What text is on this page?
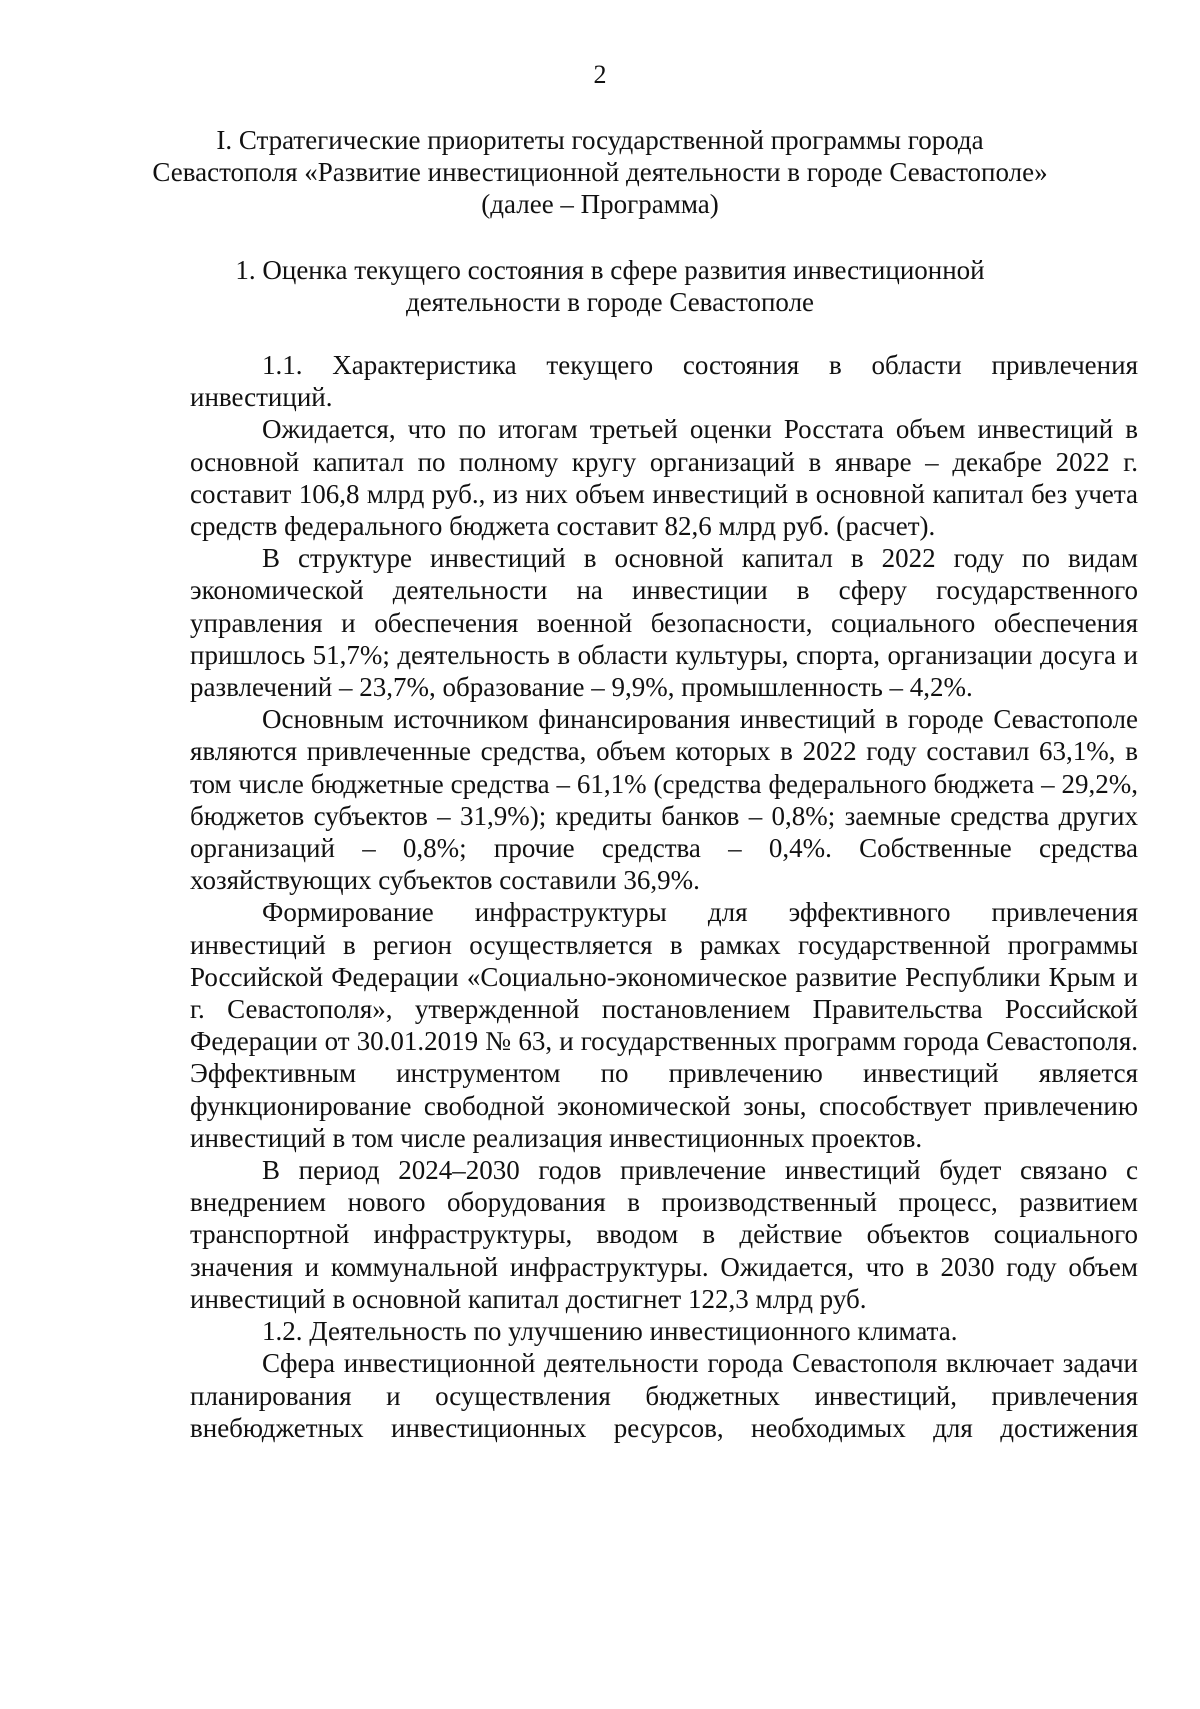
2
I. Стратегические приоритеты государственной программы города
Севастополя «Развитие инвестиционной деятельности в городе Севастополе»
(далее – Программа)
1. Оценка текущего состояния в сфере развития инвестиционной
деятельности в городе Севастополе

1.1. Характеристика текущего состояния в области привлечения инвестиций.

Ожидается, что по итогам третьей оценки Росстата объем инвестиций в основной капитал по полному кругу организаций в январе – декабре 2022 г. составит 106,8 млрд руб., из них объем инвестиций в основной капитал без учета средств федерального бюджета составит 82,6 млрд руб. (расчет).

В структуре инвестиций в основной капитал в 2022 году по видам экономической деятельности на инвестиции в сферу государственного управления и обеспечения военной безопасности, социального обеспечения пришлось 51,7%; деятельность в области культуры, спорта, организации досуга и развлечений – 23,7%, образование – 9,9%, промышленность – 4,2%.

Основным источником финансирования инвестиций в городе Севастополе являются привлеченные средства, объем которых в 2022 году составил 63,1%, в том числе бюджетные средства – 61,1% (средства федерального бюджета – 29,2%, бюджетов субъектов – 31,9%); кредиты банков – 0,8%; заемные средства других организаций – 0,8%; прочие средства – 0,4%. Собственные средства хозяйствующих субъектов составили 36,9%.

Формирование инфраструктуры для эффективного привлечения инвестиций в регион осуществляется в рамках государственной программы Российской Федерации «Социально-экономическое развитие Республики Крым и г. Севастополя», утвержденной постановлением Правительства Российской Федерации от 30.01.2019 № 63, и государственных программ города Севастополя. Эффективным инструментом по привлечению инвестиций является функционирование свободной экономической зоны, способствует привлечению инвестиций в том числе реализация инвестиционных проектов.

В период 2024–2030 годов привлечение инвестиций будет связано с внедрением нового оборудования в производственный процесс, развитием транспортной инфраструктуры, вводом в действие объектов социального значения и коммунальной инфраструктуры. Ожидается, что в 2030 году объем инвестиций в основной капитал достигнет 122,3 млрд руб.

1.2. Деятельность по улучшению инвестиционного климата.

Сфера инвестиционной деятельности города Севастополя включает задачи планирования и осуществления бюджетных инвестиций, привлечения внебюджетных инвестиционных ресурсов, необходимых для достижения
